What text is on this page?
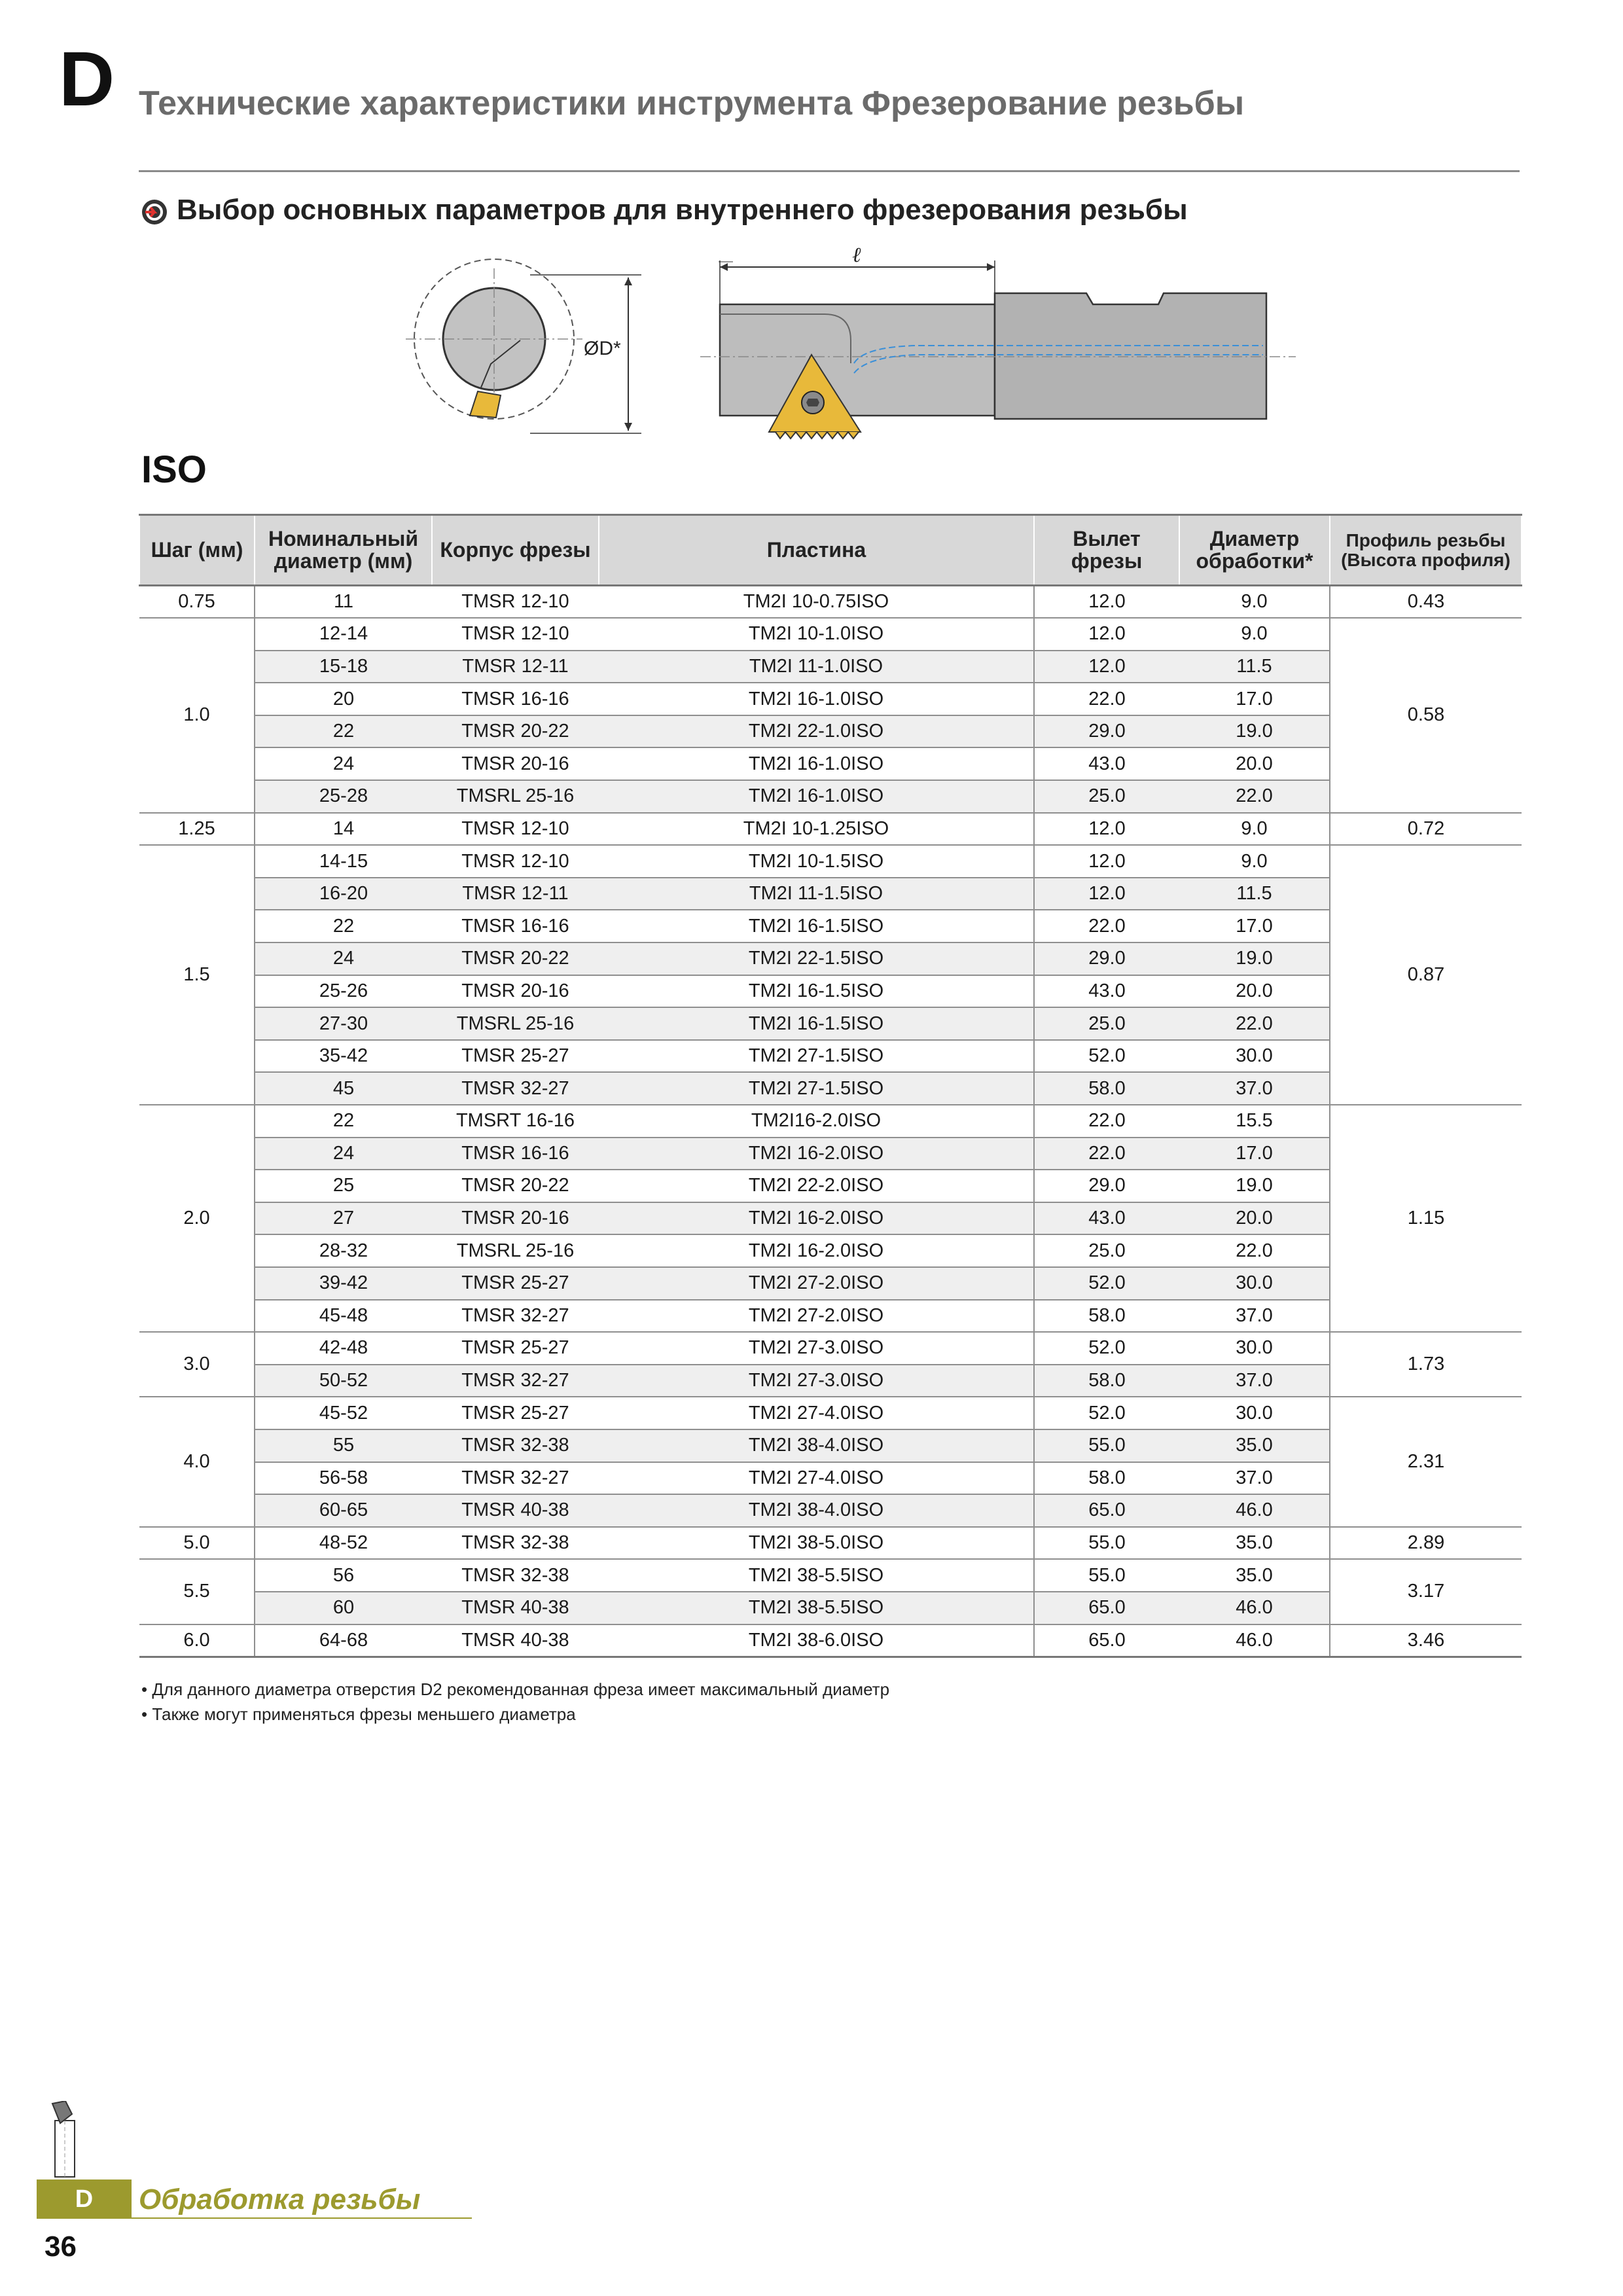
D Технические характеристики инструмента Фрезерование резьбы
Выбор основных параметров для внутреннего фрезерования резьбы
ØD*
ℓ
ISO
Шаг (мм)	Номинальный диаметр (мм)	Корпус фрезы	Пластина	Вылет фрезы	Диаметр обработки*	Профиль резьбы (Высота профиля)
0.75	11	TMSR 12-10	TM2I 10-0.75ISO	12.0	9.0	0.43
1.0	12-14	TMSR 12-10	TM2I 10-1.0ISO	12.0	9.0	0.58
	15-18	TMSR 12-11	TM2I 11-1.0ISO	12.0	11.5	
	20	TMSR 16-16	TM2I 16-1.0ISO	22.0	17.0	
	22	TMSR 20-22	TM2I 22-1.0ISO	29.0	19.0	
	24	TMSR 20-16	TM2I 16-1.0ISO	43.0	20.0	
	25-28	TMSRL 25-16	TM2I 16-1.0ISO	25.0	22.0	
1.25	14	TMSR 12-10	TM2I 10-1.25ISO	12.0	9.0	0.72
1.5	14-15	TMSR 12-10	TM2I 10-1.5ISO	12.0	9.0	0.87
	16-20	TMSR 12-11	TM2I 11-1.5ISO	12.0	11.5	
	22	TMSR 16-16	TM2I 16-1.5ISO	22.0	17.0	
	24	TMSR 20-22	TM2I 22-1.5ISO	29.0	19.0	
	25-26	TMSR 20-16	TM2I 16-1.5ISO	43.0	20.0	
	27-30	TMSRL 25-16	TM2I 16-1.5ISO	25.0	22.0	
	35-42	TMSR 25-27	TM2I 27-1.5ISO	52.0	30.0	
	45	TMSR 32-27	TM2I 27-1.5ISO	58.0	37.0	
2.0	22	TMSRT 16-16	TM2I16-2.0ISO	22.0	15.5	1.15
	24	TMSR 16-16	TM2I 16-2.0ISO	22.0	17.0	
	25	TMSR 20-22	TM2I 22-2.0ISO	29.0	19.0	
	27	TMSR 20-16	TM2I 16-2.0ISO	43.0	20.0	
	28-32	TMSRL 25-16	TM2I 16-2.0ISO	25.0	22.0	
	39-42	TMSR 25-27	TM2I 27-2.0ISO	52.0	30.0	
	45-48	TMSR 32-27	TM2I 27-2.0ISO	58.0	37.0	
3.0	42-48	TMSR 25-27	TM2I 27-3.0ISO	52.0	30.0	1.73
	50-52	TMSR 32-27	TM2I 27-3.0ISO	58.0	37.0	
4.0	45-52	TMSR 25-27	TM2I 27-4.0ISO	52.0	30.0	2.31
	55	TMSR 32-38	TM2I 38-4.0ISO	55.0	35.0	
	56-58	TMSR 32-27	TM2I 27-4.0ISO	58.0	37.0	
	60-65	TMSR 40-38	TM2I 38-4.0ISO	65.0	46.0	
5.0	48-52	TMSR 32-38	TM2I 38-5.0ISO	55.0	35.0	2.89
5.5	56	TMSR 32-38	TM2I 38-5.5ISO	55.0	35.0	3.17
	60	TMSR 40-38	TM2I 38-5.5ISO	65.0	46.0	
6.0	64-68	TMSR 40-38	TM2I 38-6.0ISO	65.0	46.0	3.46
• Для данного диаметра отверстия D2 рекомендованная фреза имеет максимальный диаметр
• Также могут применяться фрезы меньшего диаметра
D	Обработка резьбы
36
